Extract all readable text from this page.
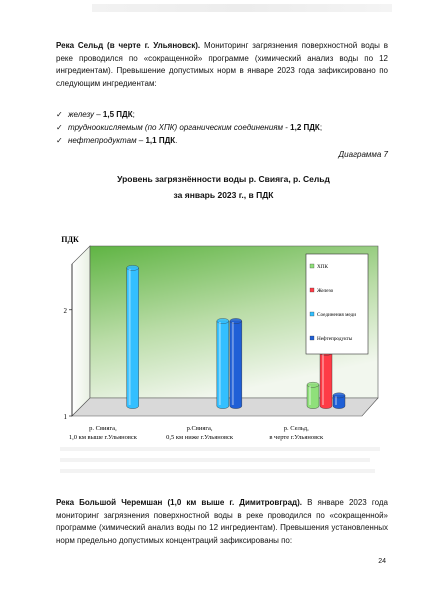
Река Сельд (в черте г. Ульяновск). Мониторинг загрязнения поверхностной воды в реке проводился по «сокращенной» программе (химический анализ воды по 12 ингредиентам). Превышение допустимых норм в январе 2023 года зафиксировано по следующим ингредиентам:
✓ железу – 1,5 ПДК;
✓ трудноокисляемым (по ХПК) органическим соединениям - 1,2 ПДК;
✓ нефтепродуктам – 1,1 ПДК.
Диаграмма 7
Уровень загрязнённости воды р. Свияга, р. Сельд
за январь 2023 г., в ПДК
ПДК
1
2
р. Свияга,
1,0 км выше г.Ульяновск
р.Свияга,
0,5 км ниже г.Ульяновск
р. Сельд,
в черте г.Ульяновск
ХПК
Железо
Соединения меди
Нефтепродукты
Река Большой Черемшан (1,0 км выше г. Димитровград). В январе 2023 года мониторинг загрязнения поверхностной воды в реке проводился по «сокращенной» программе (химический анализ воды по 12 ингредиентам). Превышения установленных норм предельно допустимых концентраций зафиксированы по:
24
